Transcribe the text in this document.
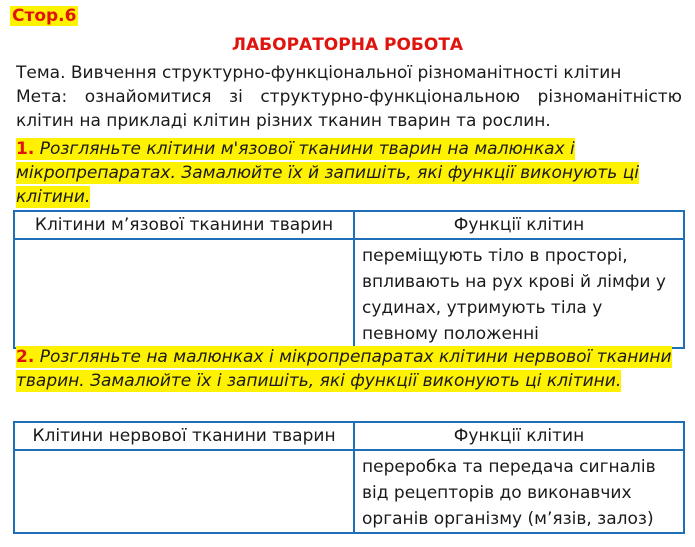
Стор.6
ЛАБОРАТОРНА РОБОТА

Тема. Вивчення структурно-функціональної різноманітності клітин

Мета: ознайомитися зі структурно-функціональною різноманітністю клітин на прикладі клітин різних тканин тварин та рослин.

1. Розгляньте клітини м'язової тканини тварин на малюнках і мікропрепаратах. Замалюйте їх й запишіть, які функції виконують ці клітини.
Клітини м’язової тканини тварин	Функції клітин
	переміщують тіло в просторі, впливають на рух крові й лімфи у судинах, утримують тіла у певному положенні
2. Розгляньте на малюнках і мікропрепаратах клітини нервової тканини тварин. Замалюйте їх і запишіть, які функції виконують ці клітини.
Клітини нервової тканини тварин	Функції клітин
	переробка та передача сигналів від рецепторів до виконавчих органів організму (м’язів, залоз)
